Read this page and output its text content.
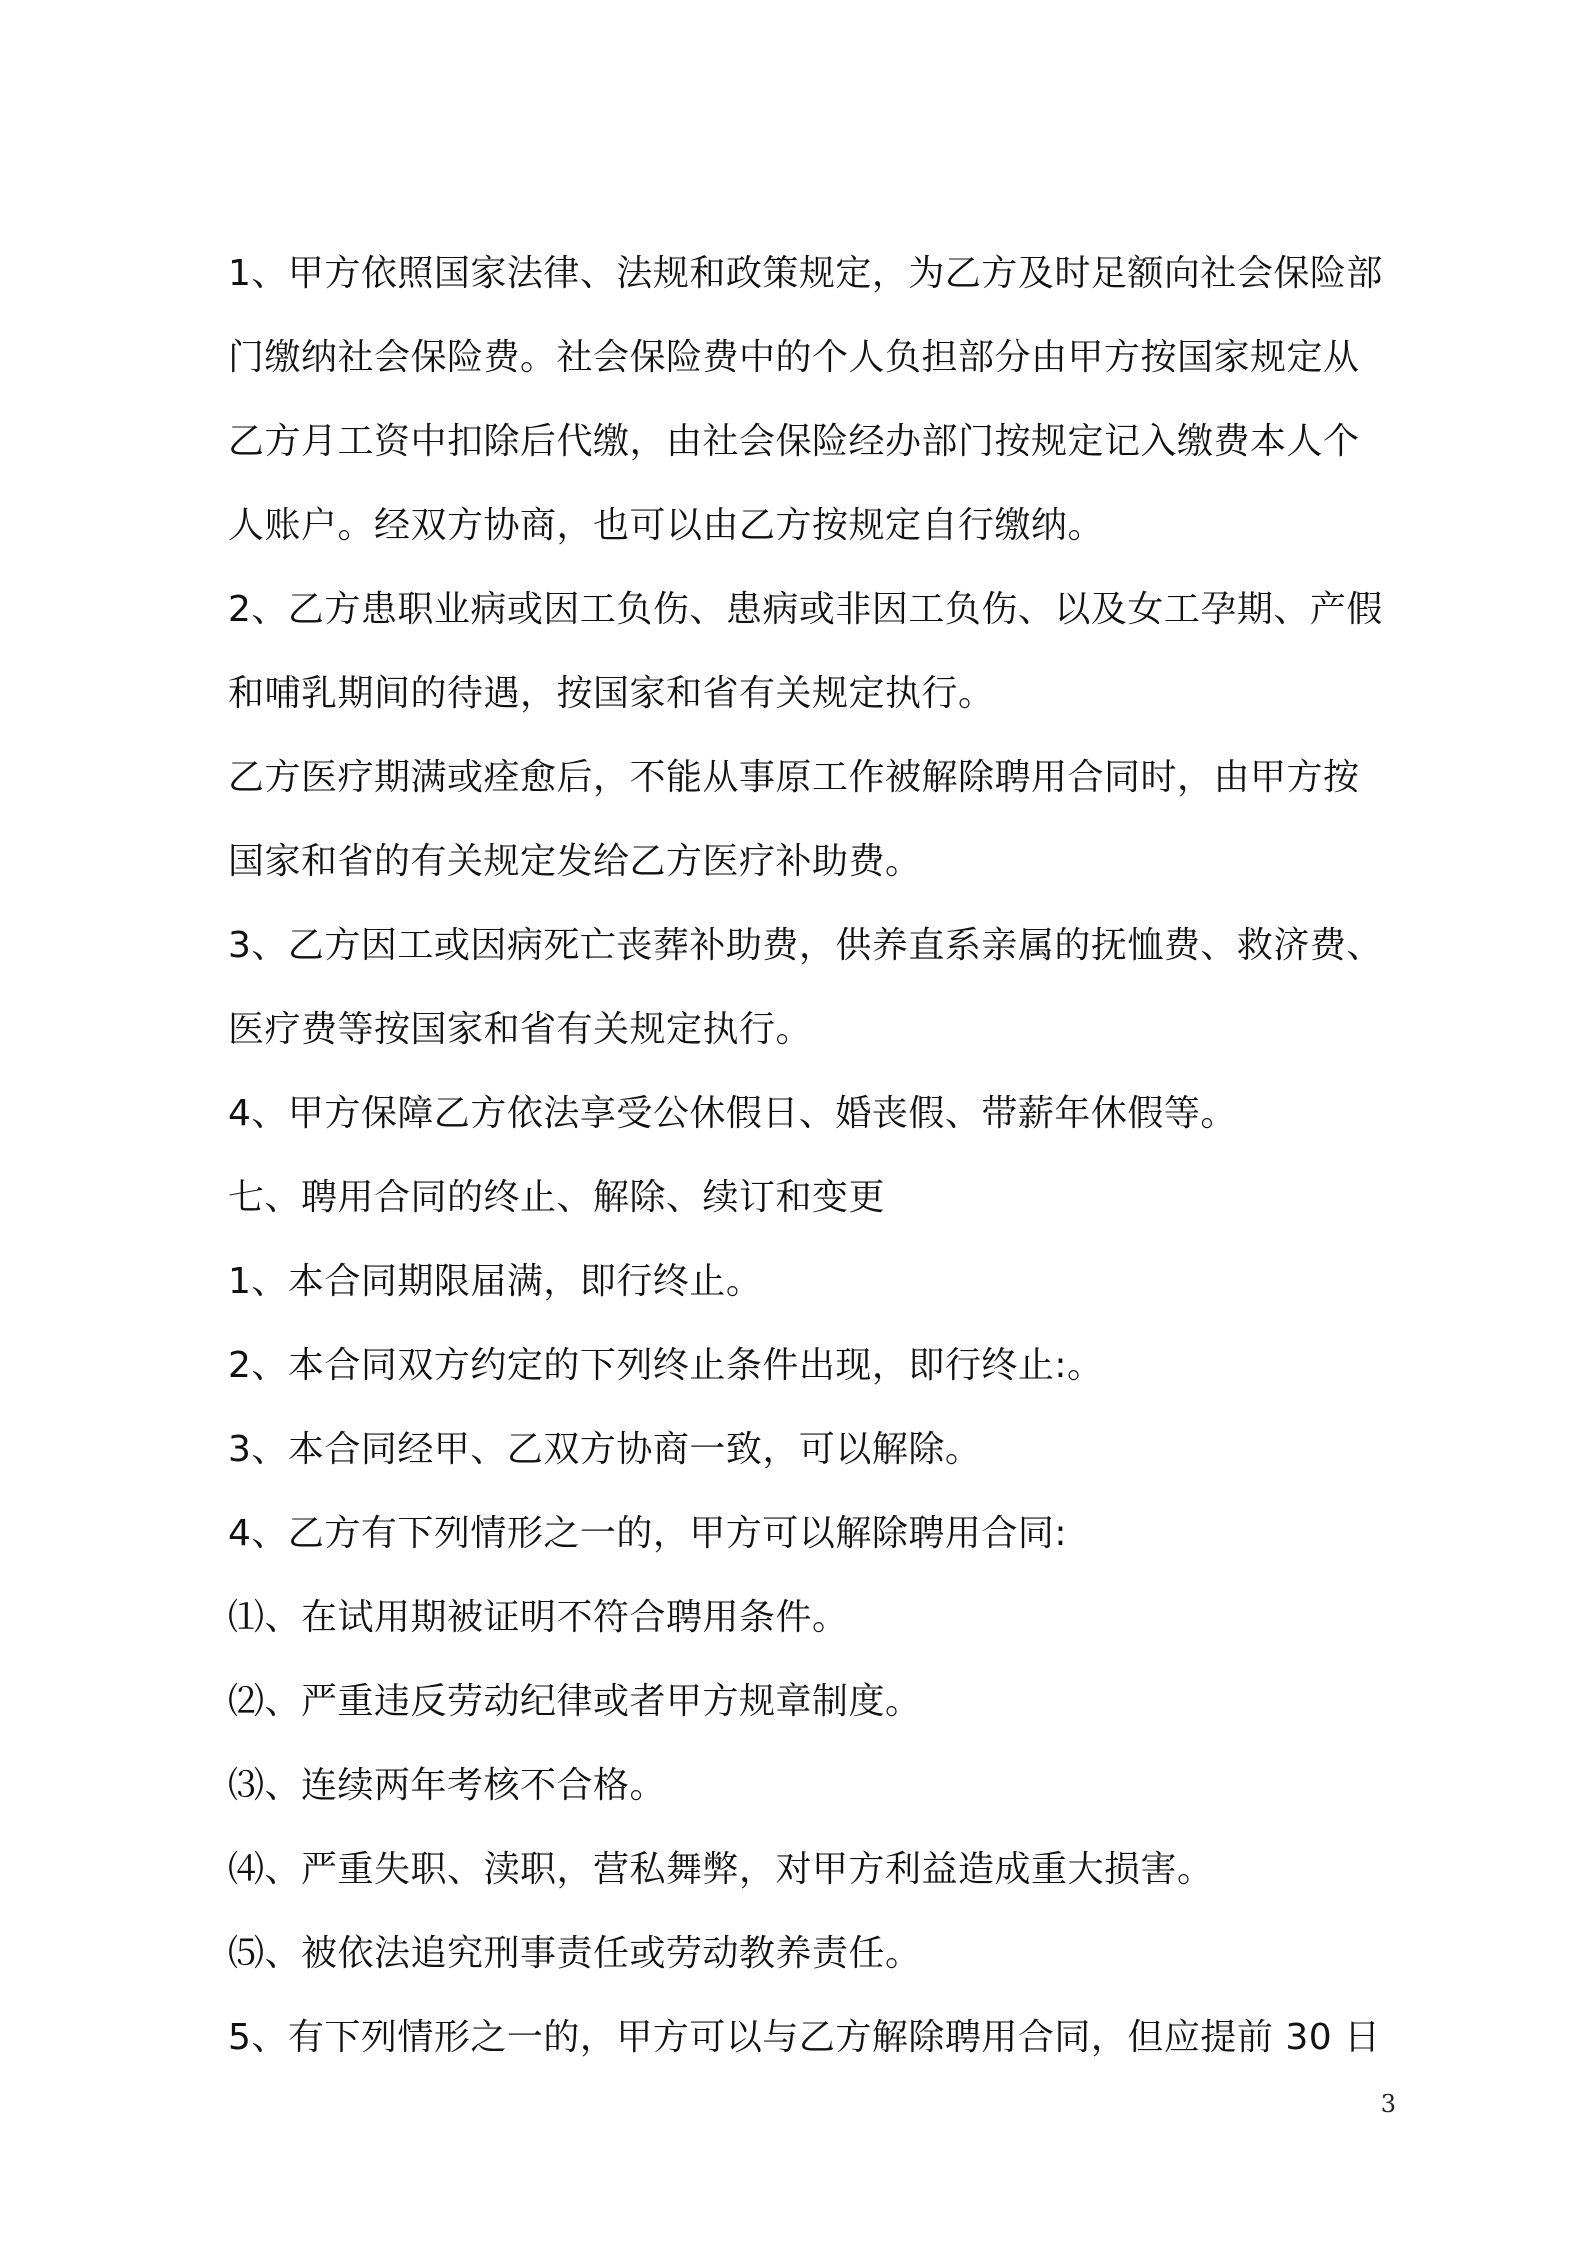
1、甲方依照国家法律、法规和政策规定，为乙方及时足额向社会保险部
门缴纳社会保险费。社会保险费中的个人负担部分由甲方按国家规定从
乙方月工资中扣除后代缴，由社会保险经办部门按规定记入缴费本人个
人账户。经双方协商，也可以由乙方按规定自行缴纳。
2、乙方患职业病或因工负伤、患病或非因工负伤、以及女工孕期、产假
和哺乳期间的待遇，按国家和省有关规定执行。
乙方医疗期满或痊愈后，不能从事原工作被解除聘用合同时，由甲方按
国家和省的有关规定发给乙方医疗补助费。
3、乙方因工或因病死亡丧葬补助费，供养直系亲属的抚恤费、救济费、
医疗费等按国家和省有关规定执行。
4、甲方保障乙方依法享受公休假日、婚丧假、带薪年休假等。
七、聘用合同的终止、解除、续订和变更
1、本合同期限届满，即行终止。
2、本合同双方约定的下列终止条件出现，即行终止:。
3、本合同经甲、乙双方协商一致，可以解除。
4、乙方有下列情形之一的，甲方可以解除聘用合同:
⑴、在试用期被证明不符合聘用条件。
⑵、严重违反劳动纪律或者甲方规章制度。
⑶、连续两年考核不合格。
⑷、严重失职、渎职，营私舞弊，对甲方利益造成重大损害。
⑸、被依法追究刑事责任或劳动教养责任。
5、有下列情形之一的，甲方可以与乙方解除聘用合同，但应提前 30 日
3
